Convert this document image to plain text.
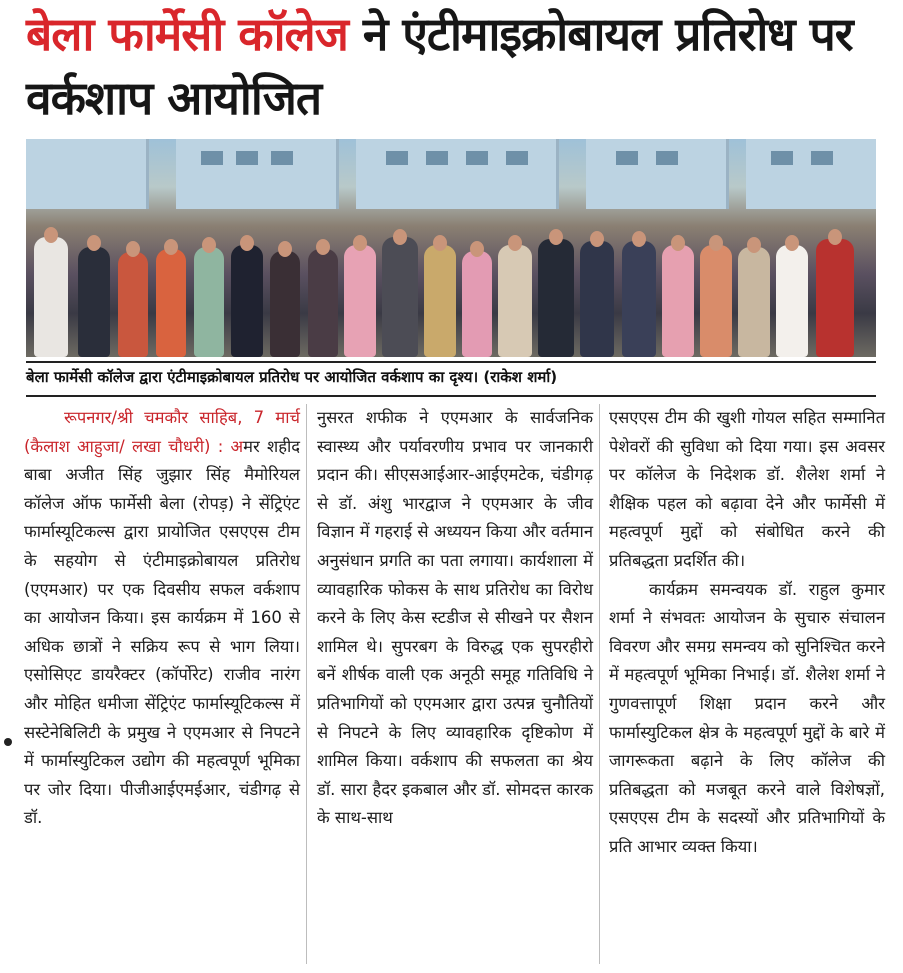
बेला फार्मेसी कॉलेज ने एंटीमाइक्रोबायल प्रतिरोध पर वर्कशाप आयोजित
बेला फार्मेसी कॉलेज द्वारा एंटीमाइक्रोबायल प्रतिरोध पर आयोजित वर्कशाप का दृश्य। (राकेश शर्मा)

रूपनगर/श्री चमकौर साहिब, 7 मार्च (कैलाश आहुजा/ लखा चौधरी) : अमर शहीद बाबा अजीत सिंह जुझार सिंह मैमोरियल कॉलेज ऑफ फार्मेसी बेला (रोपड़) ने सेंट्रिएंट फार्मास्यूटिकल्स द्वारा प्रायोजित एसएएस टीम के सहयोग से एंटीमाइक्रोबायल प्रतिरोध (एएमआर) पर एक दिवसीय सफल वर्कशाप का आयोजन किया। इस कार्यक्रम में 160 से अधिक छात्रों ने सक्रिय रूप से भाग लिया। एसोसिएट डायरैक्टर (कॉर्पोरेट) राजीव नारंग और मोहित धमीजा सेंट्रिएंट फार्मास्यूटिकल्स में सस्टेनेबिलिटी के प्रमुख ने एएमआर से निपटने में फार्मास्युटिकल उद्योग की महत्वपूर्ण भूमिका पर जोर दिया। पीजीआईएमईआर, चंडीगढ़ से डॉ.

नुसरत शफीक ने एएमआर के सार्वजनिक स्वास्थ्य और पर्यावरणीय प्रभाव पर जानकारी प्रदान की। सीएसआईआर-आईएमटेक, चंडीगढ़ से डॉ. अंशु भारद्वाज ने एएमआर के जीव विज्ञान में गहराई से अध्ययन किया और वर्तमान अनुसंधान प्रगति का पता लगाया। कार्यशाला में व्यावहारिक फोकस के साथ प्रतिरोध का विरोध करने के लिए केस स्टडीज से सीखने पर सैशन शामिल थे। सुपरबग के विरुद्ध एक सुपरहीरो बनें शीर्षक वाली एक अनूठी समूह गतिविधि ने प्रतिभागियों को एएमआर द्वारा उत्पन्न चुनौतियों से निपटने के लिए व्यावहारिक दृष्टिकोण में शामिल किया। वर्कशाप की सफलता का श्रेय डॉ. सारा हैदर इकबाल और डॉ. सोमदत्त कारक के साथ-साथ

एसएएस टीम की खुशी गोयल सहित सम्मानित पेशेवरों की सुविधा को दिया गया। इस अवसर पर कॉलेज के निदेशक डॉ. शैलेश शर्मा ने शैक्षिक पहल को बढ़ावा देने और फार्मेसी में महत्वपूर्ण मुद्दों को संबोधित करने की प्रतिबद्धता प्रदर्शित की।

कार्यक्रम समन्वयक डॉ. राहुल कुमार शर्मा ने संभवतः आयोजन के सुचारु संचालन विवरण और समग्र समन्वय को सुनिश्चित करने में महत्वपूर्ण भूमिका निभाई। डॉ. शैलेश शर्मा ने गुणवत्तापूर्ण शिक्षा प्रदान करने और फार्मास्युटिकल क्षेत्र के महत्वपूर्ण मुद्दों के बारे में जागरूकता बढ़ाने के लिए कॉलेज की प्रतिबद्धता को मजबूत करने वाले विशेषज्ञों, एसएएस टीम के सदस्यों और प्रतिभागियों के प्रति आभार व्यक्त किया।
